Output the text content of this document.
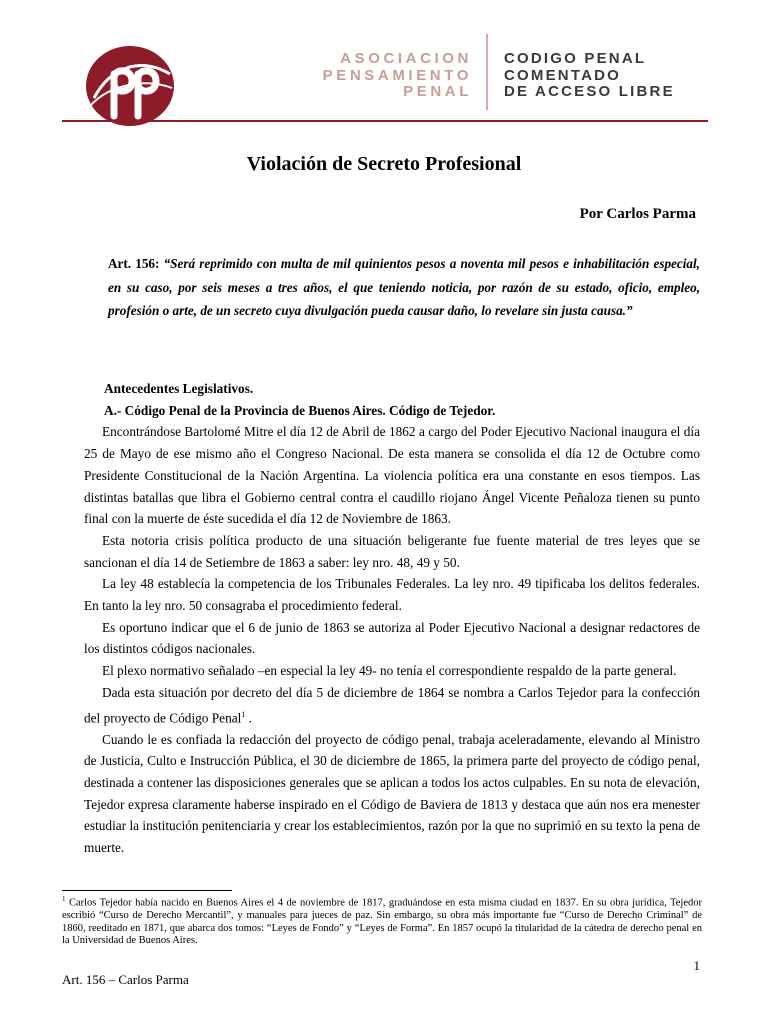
ASOCIACION
PENSAMIENTO
PENAL
CODIGO PENAL
COMENTADO
DE ACCESO LIBRE
Violación de Secreto Profesional
Por Carlos Parma
Art. 156: “Será reprimido con multa de mil quinientos pesos a noventa mil pesos e inhabilitación especial, en su caso, por seis meses a tres años, el que teniendo noticia, por razón de su estado, oficio, empleo, profesión o arte, de un secreto cuya divulgación pueda causar daño, lo revelare sin justa causa.”

Antecedentes Legislativos.

A.- Código Penal de la Provincia de Buenos Aires. Código de Tejedor.

Encontrándose Bartolomé Mitre el día 12 de Abril de 1862 a cargo del Poder Ejecutivo Nacional inaugura el día 25 de Mayo de ese mismo año el Congreso Nacional. De esta manera se consolida el día 12 de Octubre como Presidente Constitucional de la Nación Argentina. La violencia política era una constante en esos tiempos. Las distintas batallas que libra el Gobierno central contra el caudillo riojano Ángel Vicente Peñaloza tienen su punto final con la muerte de éste sucedida el día 12 de Noviembre de 1863.

Esta notoria crisis política producto de una situación beligerante fue fuente material de tres leyes que se sancionan el día 14 de Setiembre de 1863 a saber: ley nro. 48, 49 y 50.

La ley 48 establecía la competencia de los Tribunales Federales. La ley nro. 49 tipificaba los delitos federales. En tanto la ley nro. 50 consagraba el procedimiento federal.

Es oportuno indicar que el 6 de junio de 1863 se autoriza al Poder Ejecutivo Nacional a designar redactores de los distintos códigos nacionales.

El plexo normativo señalado –en especial la ley 49- no tenía el correspondiente respaldo de la parte general.

Dada esta situación por decreto del día 5 de diciembre de 1864 se nombra a Carlos Tejedor para la confección del proyecto de Código Penal$^1$ .

Cuando le es confiada la redacción del proyecto de código penal, trabaja aceleradamente, elevando al Ministro de Justicia, Culto e Instrucción Pública, el 30 de diciembre de 1865, la primera parte del proyecto de código penal, destinada a contener las disposiciones generales que se aplican a todos los actos culpables. En su nota de elevación, Tejedor expresa claramente haberse inspirado en el Código de Baviera de 1813 y destaca que aún nos era menester estudiar la institución penitenciaria y crear los establecimientos, razón por la que no suprimió en su texto la pena de muerte.

$^1$ Carlos Tejedor había nacido en Buenos Aires el 4 de noviembre de 1817, graduándose en esta misma ciudad en 1837. En su obra jurídica, Tejedor escribió “Curso de Derecho Mercantil”, y manuales para jueces de paz. Sin embargo, su obra más importante fue “Curso de Derecho Criminal” de 1860, reeditado en 1871, que abarca dos tomos: “Leyes de Fondo” y “Leyes de Forma”. En 1857 ocupó la titularidad de la cátedra de derecho penal en la Universidad de Buenos Aires.
1
Art. 156 – Carlos Parma
